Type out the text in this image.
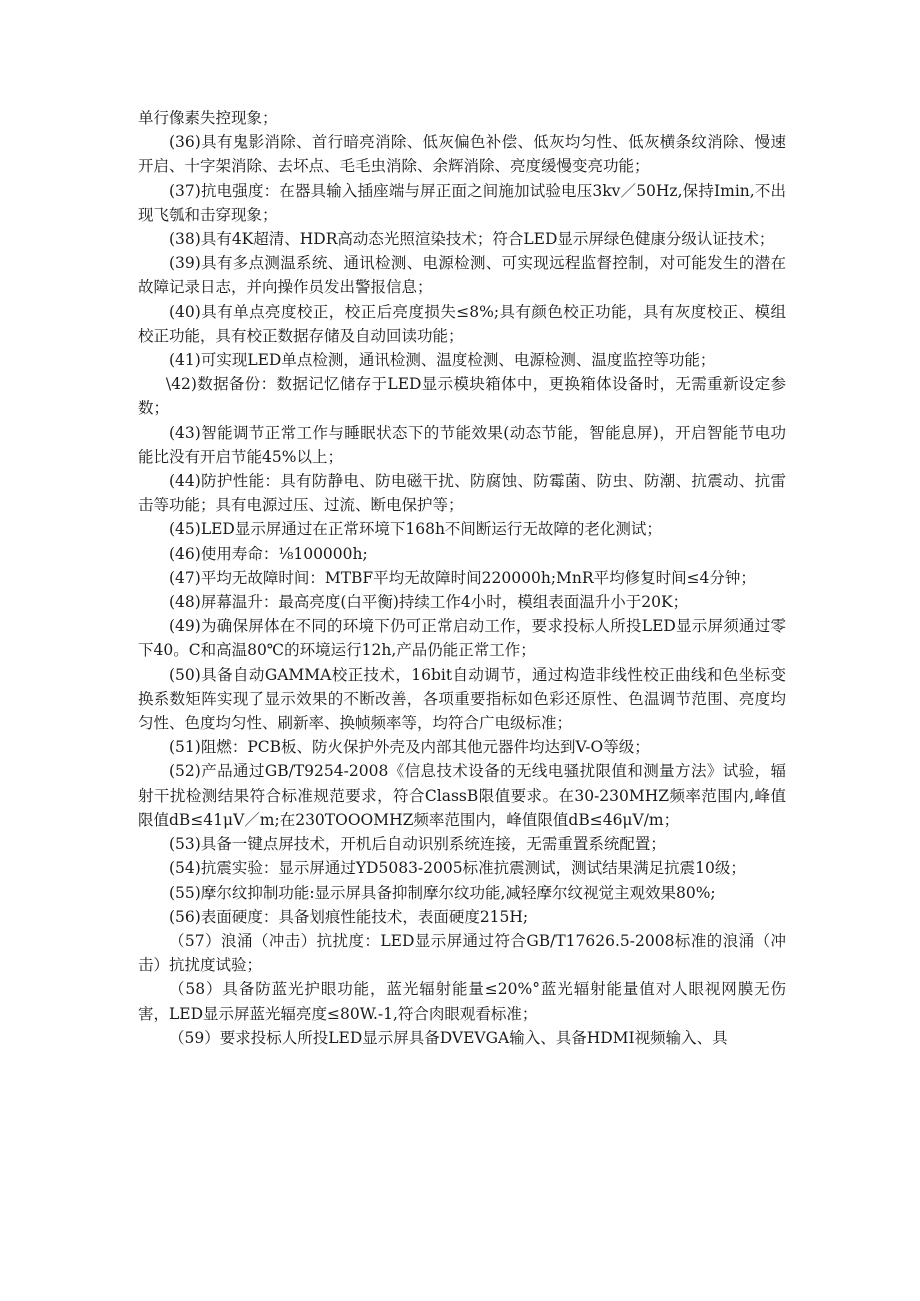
单行像素失控现象；

(36)具有鬼影消除、首行暗亮消除、低灰偏色补偿、低灰均匀性、低灰横条纹消除、慢速开启、十字架消除、去坏点、毛毛虫消除、余辉消除、亮度缓慢变亮功能；

(37)抗电强度：在器具输入插座端与屏正面之间施加试验电压3kv／50Hz,保持Imin,不出现飞瓠和击穿现象；

(38)具有4K超清、HDR高动态光照渲染技术；符合LED显示屏绿色健康分级认证技术；

(39)具有多点测温系统、通讯检测、电源检测、可实现远程监督控制，对可能发生的潜在故障记录日志，并向操作员发出警报信息；

(40)具有单点亮度校正，校正后亮度损失≤8%;具有颜色校正功能，具有灰度校正、模组校正功能，具有校正数据存储及自动回读功能；

(41)可实现LED单点检测，通讯检测、温度检测、电源检测、温度监控等功能；

\42)数据备份：数据记忆储存于LED显示模块箱体中，更换箱体设备时，无需重新设定参数；

(43)智能调节正常工作与睡眠状态下的节能效果(动态节能，智能息屏)，开启智能节电功能比没有开启节能45%以上；

(44)防护性能：具有防静电、防电磁干扰、防腐蚀、防霉菌、防虫、防潮、抗震动、抗雷击等功能；具有电源过压、过流、断电保护等；

(45)LED显示屏通过在正常环境下168h不间断运行无故障的老化测试；

(46)使用寿命：⅛100000h;

(47)平均无故障时间：MTBF平均无故障时间220000h;MnR平均修复时间≤4分钟；

(48)屏幕温升：最高亮度(白平衡)持续工作4小时，模组表面温升小于20K；

(49)为确保屏体在不同的环境下仍可正常启动工作，要求投标人所投LED显示屏须通过零下40。C和高温80℃的环境运行12h,产品仍能正常工作；

(50)具备自动GAMMA校正技术，16bit自动调节，通过构造非线性校正曲线和色坐标变换系数矩阵实现了显示效果的不断改善，各项重要指标如色彩还原性、色温调节范围、亮度均匀性、色度均匀性、刷新率、换帧频率等，均符合广电级标准；

(51)阻燃：PCB板、防火保护外壳及内部其他元器件均达到V-O等级；

(52)产品通过GB/T9254-2008《信息技术设备的无线电骚扰限值和测量方法》试验，辐射干扰检测结果符合标准规范要求，符合ClassB限值要求。在30-230MHZ频率范围内,峰值限值dB≤41μV／m;在230TOOOMHZ频率范围内，峰值限值dB≤46μV/m；

(53)具备一键点屏技术，开机后自动识别系统连接，无需重置系统配置；

(54)抗震实验：显示屏通过YD5083-2005标准抗震测试，测试结果满足抗震10级；

(55)摩尔纹抑制功能:显示屏具备抑制摩尔纹功能,减轻摩尔纹视觉主观效果80%;

(56)表面硬度：具备划痕性能技术，表面硬度215H;

（57）浪涌（冲击）抗扰度：LED显示屏通过符合GB/T17626.5-2008标准的浪涌（冲击）抗扰度试验；

（58）具备防蓝光护眼功能，蓝光辐射能量≤20%°蓝光辐射能量值对人眼视网膜无伤害，LED显示屏蓝光辐亮度≤80W.-1,符合肉眼观看标准；

（59）要求投标人所投LED显示屏具备DVEVGA输入、具备HDMI视频输入、具
